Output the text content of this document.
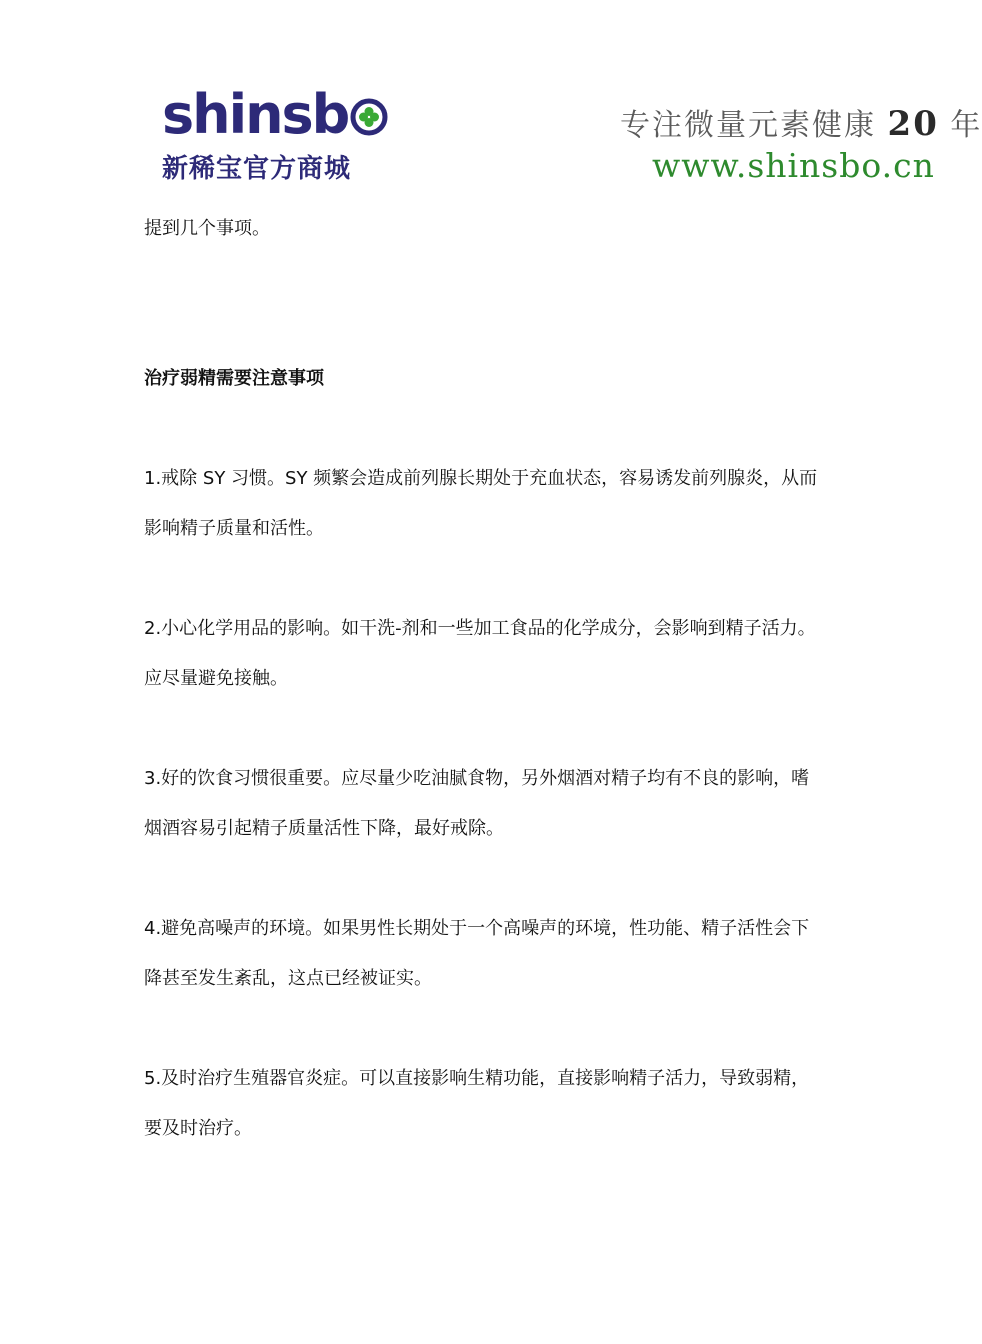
shinsb
新稀宝官方商城
专注微量元素健康 20 年
www.shinsbo.cn

提到几个事项。

治疗弱精需要注意事项

1.戒除 SY 习惯。SY 频繁会造成前列腺长期处于充血状态，容易诱发前列腺炎，从而影响精子质量和活性。

2.小心化学用品的影响。如干洗-剂和一些加工食品的化学成分，会影响到精子活力。应尽量避免接触。

3.好的饮食习惯很重要。应尽量少吃油腻食物，另外烟酒对精子均有不良的影响，嗜烟酒容易引起精子质量活性下降，最好戒除。

4.避免高噪声的环境。如果男性长期处于一个高噪声的环境，性功能、精子活性会下降甚至发生紊乱，这点已经被证实。

5.及时治疗生殖器官炎症。可以直接影响生精功能，直接影响精子活力，导致弱精，要及时治疗。
